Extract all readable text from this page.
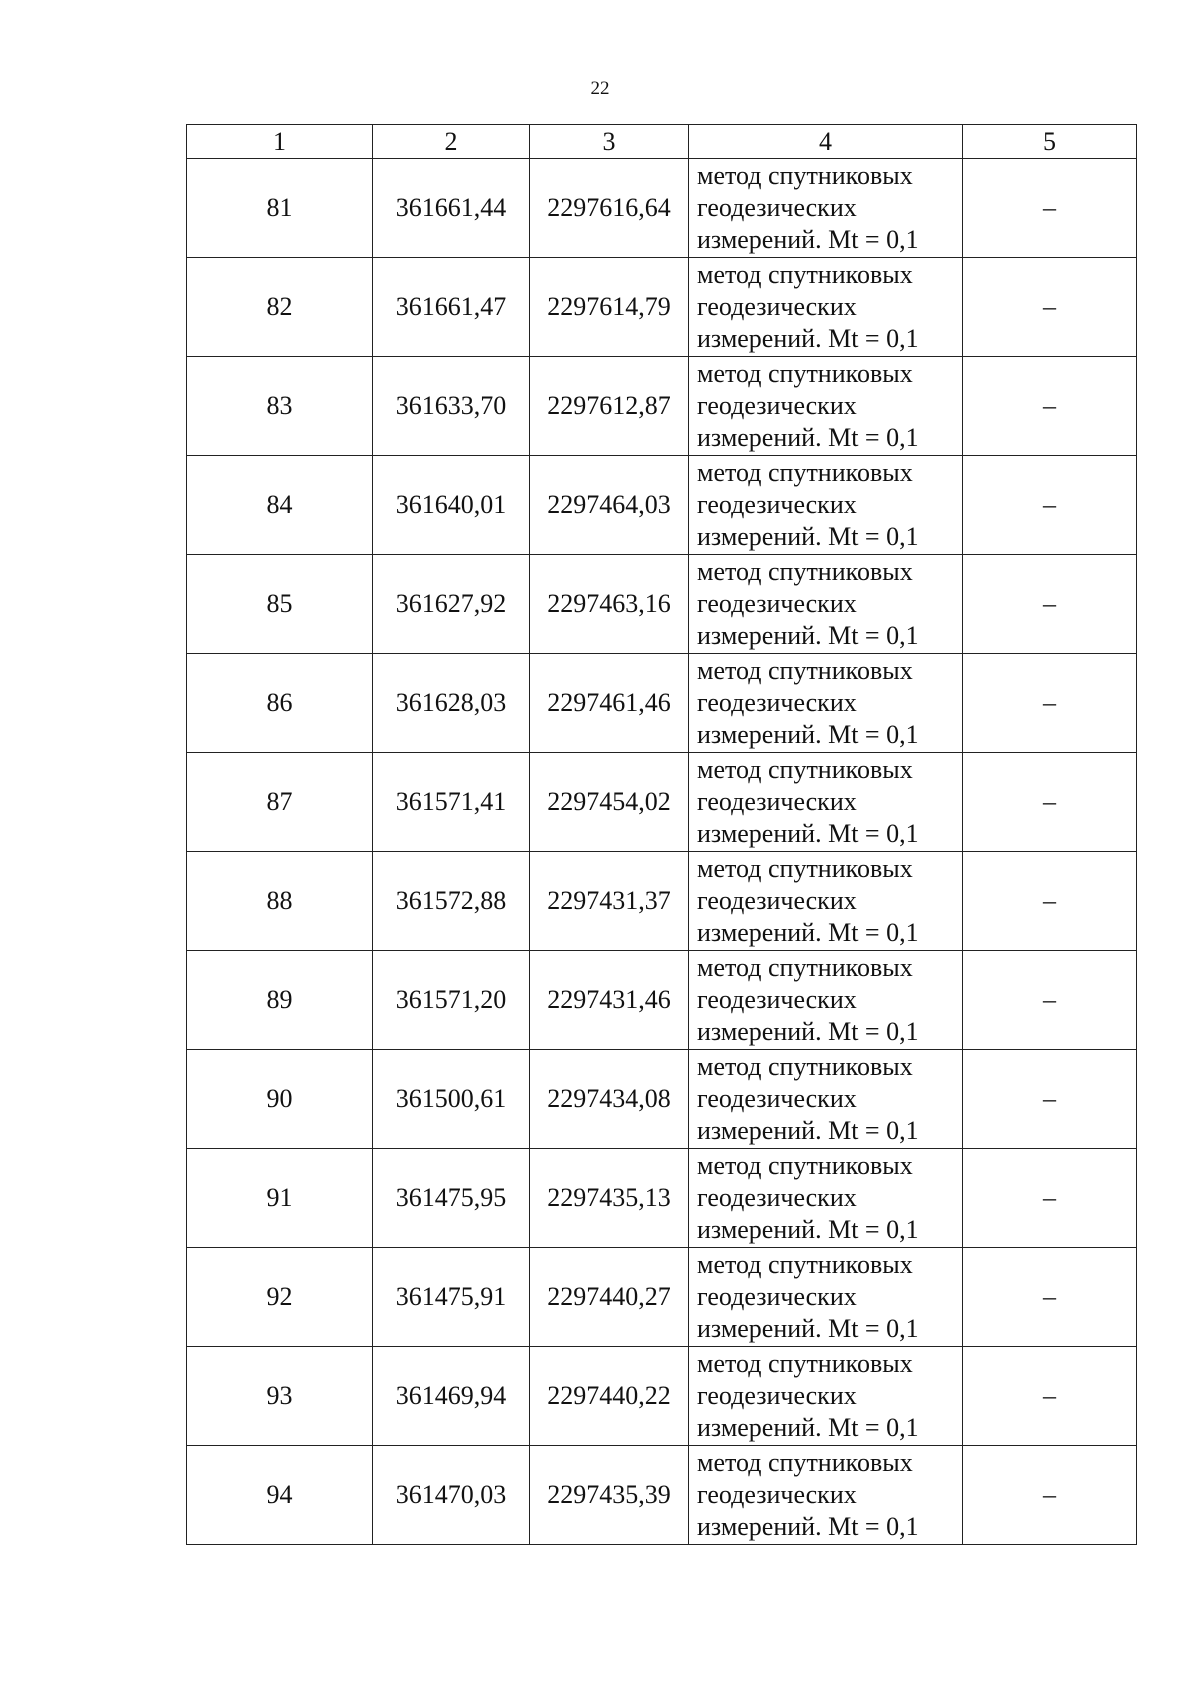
22
1	2	3	4	5
81	361661,44	2297616,64	метод спутниковых
геодезических
измерений. Mt = 0,1	–
82	361661,47	2297614,79	метод спутниковых
геодезических
измерений. Mt = 0,1	–
83	361633,70	2297612,87	метод спутниковых
геодезических
измерений. Mt = 0,1	–
84	361640,01	2297464,03	метод спутниковых
геодезических
измерений. Mt = 0,1	–
85	361627,92	2297463,16	метод спутниковых
геодезических
измерений. Mt = 0,1	–
86	361628,03	2297461,46	метод спутниковых
геодезических
измерений. Mt = 0,1	–
87	361571,41	2297454,02	метод спутниковых
геодезических
измерений. Mt = 0,1	–
88	361572,88	2297431,37	метод спутниковых
геодезических
измерений. Mt = 0,1	–
89	361571,20	2297431,46	метод спутниковых
геодезических
измерений. Mt = 0,1	–
90	361500,61	2297434,08	метод спутниковых
геодезических
измерений. Mt = 0,1	–
91	361475,95	2297435,13	метод спутниковых
геодезических
измерений. Mt = 0,1	–
92	361475,91	2297440,27	метод спутниковых
геодезических
измерений. Mt = 0,1	–
93	361469,94	2297440,22	метод спутниковых
геодезических
измерений. Mt = 0,1	–
94	361470,03	2297435,39	метод спутниковых
геодезических
измерений. Mt = 0,1	–
